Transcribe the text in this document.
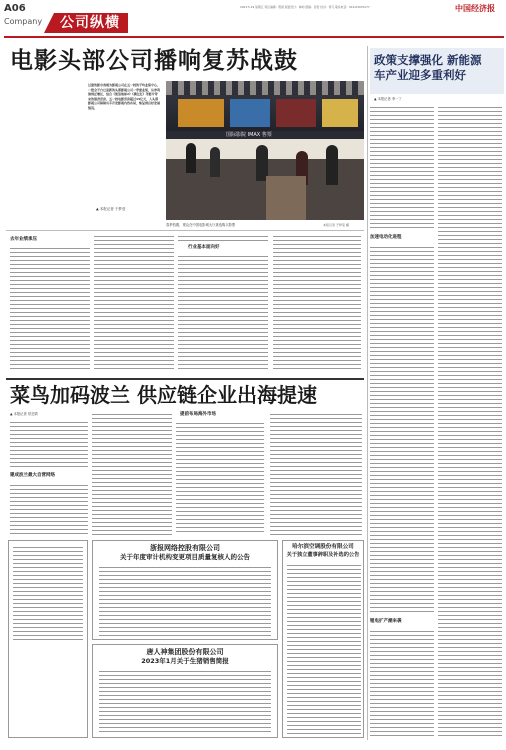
A06
Company 公司纵横
2023.5.19 星期五 责任编辑：陈国 版面设计：韩帅 组稿：孙哲 校对：徐飞 联系电话：010-63070277	中国经济报
电影头部公司播响复苏战鼓
过度的影市表现为影视公司在五一档的平均业绩中心，一股全平台已更新的头部影视公司一季度业绩，从净利润到正增长，结合《流浪地球2》《满江红》等影片带来的强劲票房，五一档电影票房超过15亿元，人头部影视公司频频出手开发影视内容布局，恢复到良好发展情况。
▲ 本报记者 于梦莹
国际影院 IMAX 售票
春季档期，观众在中国电影城大厅挑选购买影票	本报记者 于梦莹 摄
去年业绩承压
行业基本面向好
政策支撑强化 新能源车产业迎多重利好
▲ 本报记者 李一丁
加速电动化进程
锂电扩产潮来袭
菜鸟加码波兰 供应链企业出海提速
▲ 本报记者 常芸婧
建成波兰最大自营网络
提前布局海外市场
浙报网络控股有限公司
关于年度审计机构变更项目质量复核人的公告
哈尔滨空调股份有限公司
关于独立董事辞职及补选的公告
唐人神集团股份有限公司
2023年1月关于生猪销售简报
